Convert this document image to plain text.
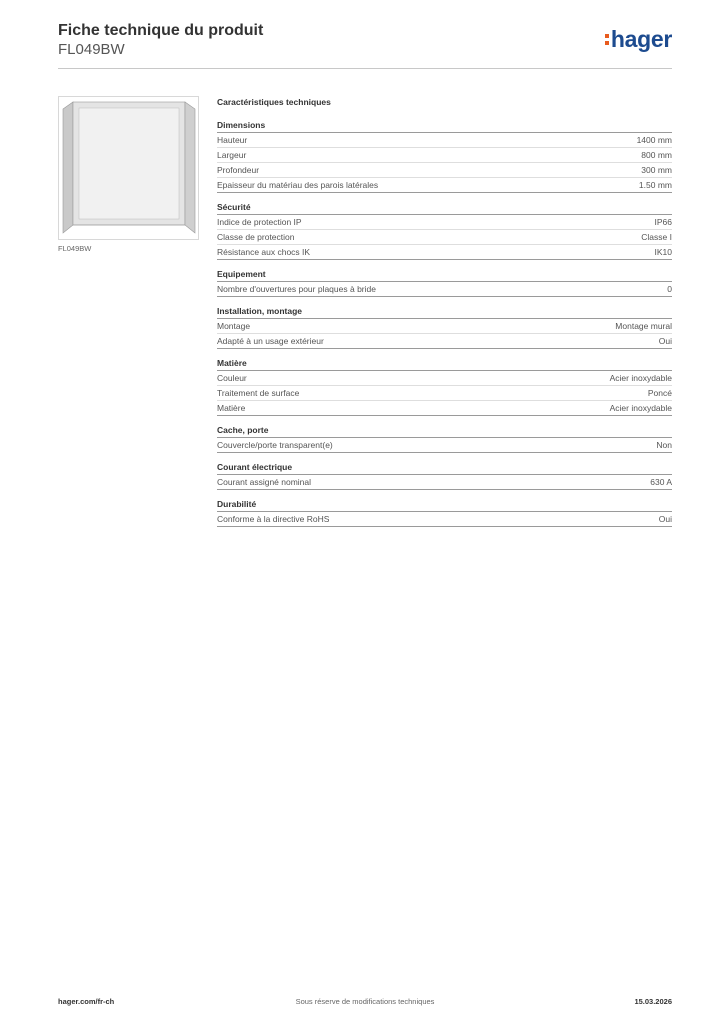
Fiche technique du produit
FL049BW	hager
FL049BW
Caractéristiques techniques
Dimensions
Hauteur	1400 mm
Largeur	800 mm
Profondeur	300 mm
Epaisseur du matériau des parois latérales	1.50 mm
Sécurité
Indice de protection IP	IP66
Classe de protection	Classe I
Résistance aux chocs IK	IK10
Equipement
Nombre d'ouvertures pour plaques à bride	0
Installation, montage
Montage	Montage mural
Adapté à un usage extérieur	Oui
Matière
Couleur	Acier inoxydable
Traitement de surface	Poncé
Matière	Acier inoxydable
Cache, porte
Couvercle/porte transparent(e)	Non
Courant électrique
Courant assigné nominal	630 A
Durabilité
Conforme à la directive RoHS	Oui
hager.com/fr-ch	Sous réserve de modifications techniques	15.03.2026
